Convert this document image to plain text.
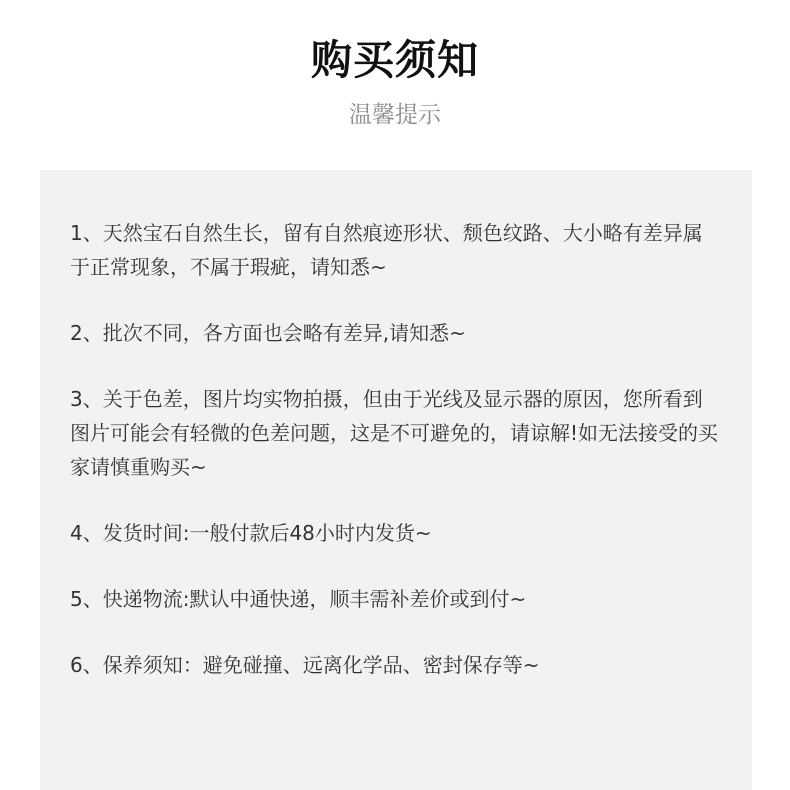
购买须知
温馨提示
1、天然宝石自然生长，留有自然痕迹形状、颓色纹路、大小略有差异属于正常现象，不属于瑕疵，请知悉~
2、批次不同，各方面也会略有差异,请知悉~
3、关于色差，图片均实物拍摄，但由于光线及显示器的原因，您所看到图片可能会有轻微的色差问题，这是不可避免的，请谅解!如无法接受的买家请慎重购买~
4、发货时间:一般付款后48小时内发货~
5、快递物流:默认中通快递，顺丰需补差价或到付~
6、保养须知：避免碰撞、远离化学品、密封保存等~
